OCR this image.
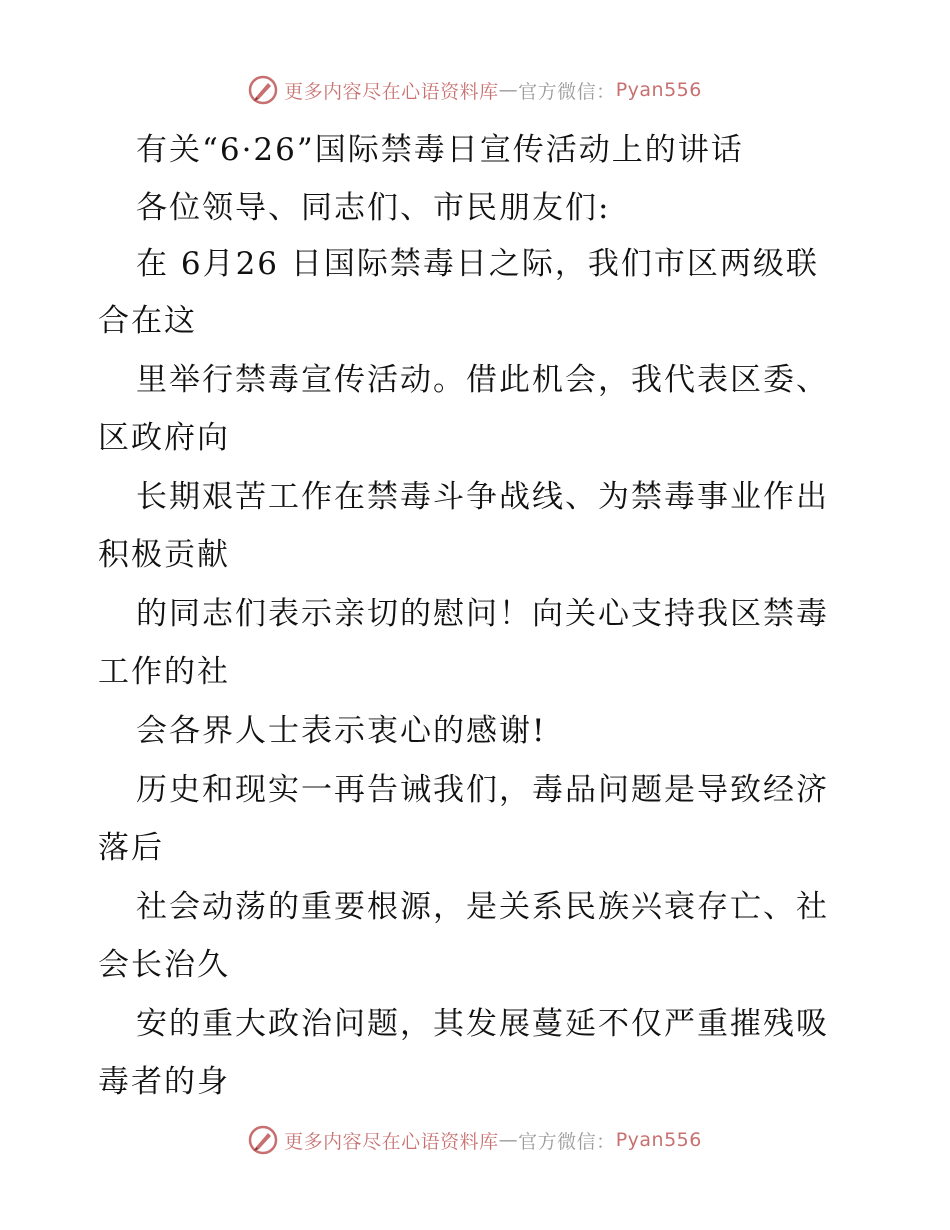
更多内容尽在心语资料库 — 官方微信： Pyan556
有关“6·26”国际禁毒日宣传活动上的讲话
各位领导、同志们、市民朋友们:
在 6月26 日国际禁毒日之际，我们市区两级联
合在这
里举行禁毒宣传活动。借此机会，我代表区委、
区政府向
长期艰苦工作在禁毒斗争战线、为禁毒事业作出
积极贡献
的同志们表示亲切的慰问！向关心支持我区禁毒
工作的社
会各界人士表示衷心的感谢!
历史和现实一再告诫我们，毒品问题是导致经济
落后
社会动荡的重要根源，是关系民族兴衰存亡、社
会长治久
安的重大政治问题，其发展蔓延不仅严重摧残吸
毒者的身
更多内容尽在心语资料库 — 官方微信： Pyan556
